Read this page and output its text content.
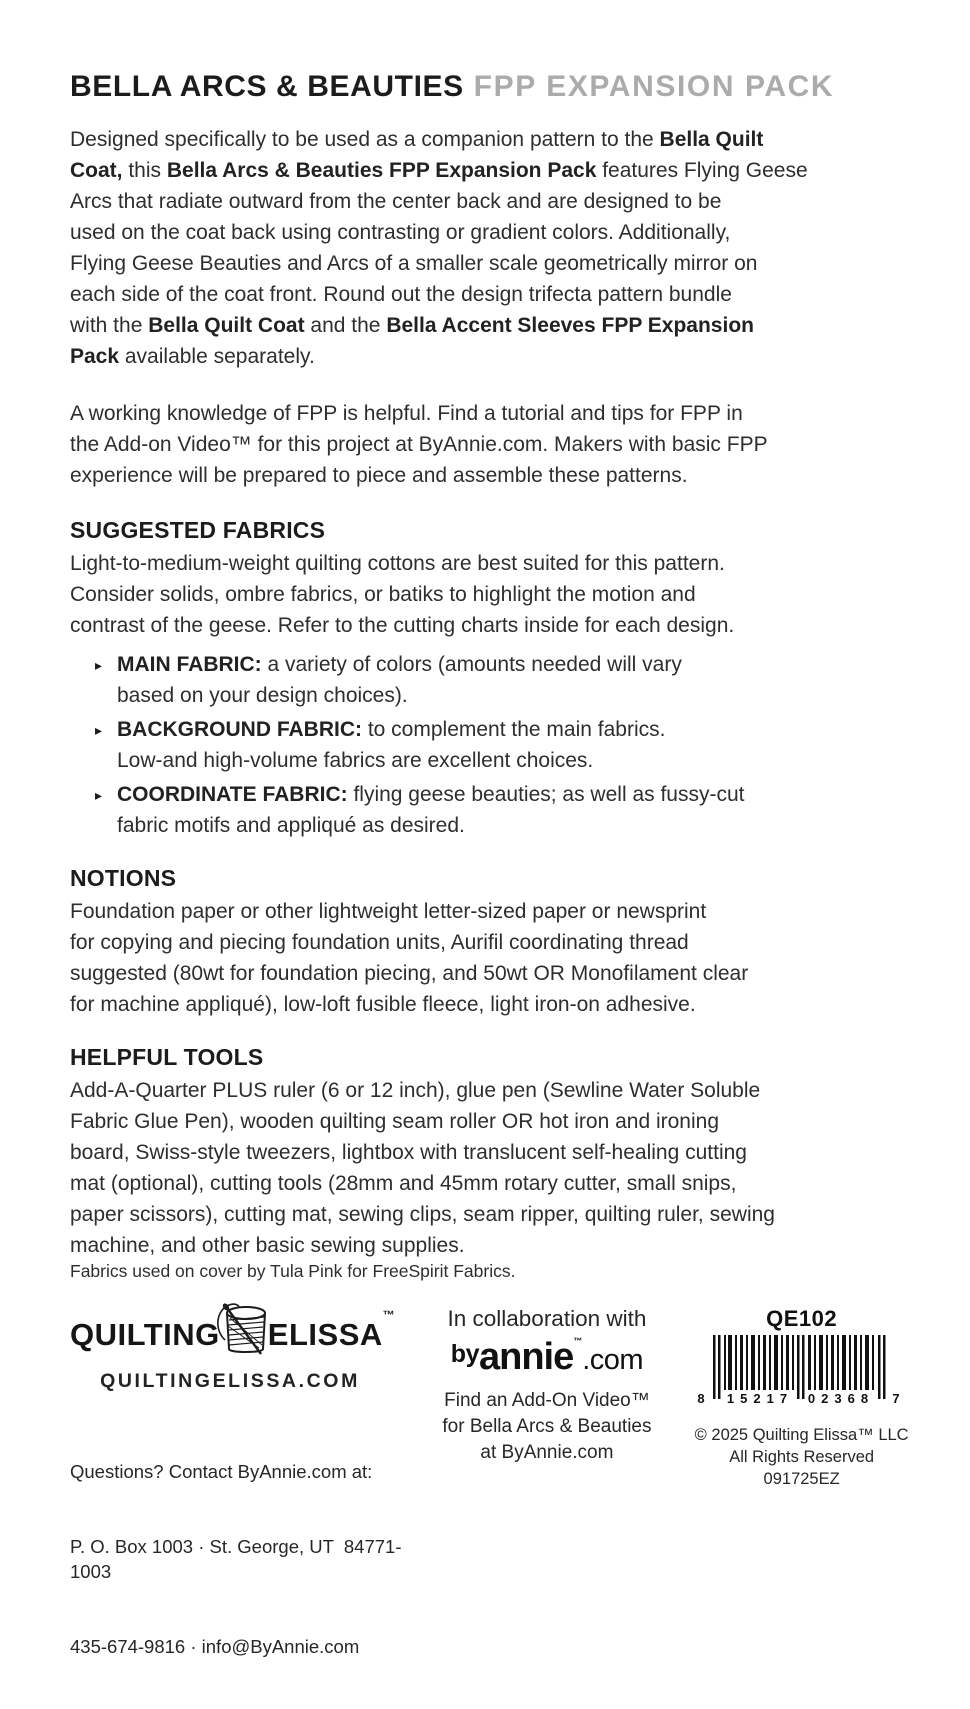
BELLA ARCS & BEAUTIES FPP EXPANSION PACK

Designed specifically to be used as a companion pattern to the Bella Quilt
Coat, this Bella Arcs & Beauties FPP Expansion Pack features Flying Geese
Arcs that radiate outward from the center back and are designed to be
used on the coat back using contrasting or gradient colors. Additionally,
Flying Geese Beauties and Arcs of a smaller scale geometrically mirror on
each side of the coat front. Round out the design trifecta pattern bundle
with the Bella Quilt Coat and the Bella Accent Sleeves FPP Expansion
Pack available separately.

A working knowledge of FPP is helpful. Find a tutorial and tips for FPP in
the Add-on Video™ for this project at ByAnnie.com. Makers with basic FPP
experience will be prepared to piece and assemble these patterns.

SUGGESTED FABRICS

Light-to-medium-weight quilting cottons are best suited for this pattern.
Consider solids, ombre fabrics, or batiks to highlight the motion and
contrast of the geese. Refer to the cutting charts inside for each design.

▸ MAIN FABRIC: a variety of colors (amounts needed will vary
based on your design choices).
▸ BACKGROUND FABRIC: to complement the main fabrics.
Low-and high-volume fabrics are excellent choices.
▸ COORDINATE FABRIC: flying geese beauties; as well as fussy-cut
fabric motifs and appliqué as desired.
NOTIONS

Foundation paper or other lightweight letter-sized paper or newsprint
for copying and piecing foundation units, Aurifil coordinating thread
suggested (80wt for foundation piecing, and 50wt OR Monofilament clear
for machine appliqué), low-loft fusible fleece, light iron-on adhesive.

HELPFUL TOOLS

Add-A-Quarter PLUS ruler (6 or 12 inch), glue pen (Sewline Water Soluble
Fabric Glue Pen), wooden quilting seam roller OR hot iron and ironing
board, Swiss-style tweezers, lightbox with translucent self-healing cutting
mat (optional), cutting tools (28mm and 45mm rotary cutter, small snips,
paper scissors), cutting mat, sewing clips, seam ripper, quilting ruler, sewing
machine, and other basic sewing supplies.

Fabrics used on cover by Tula Pink for FreeSpirit Fabrics.

QUILTING ELISSA™
QUILTINGELISSA.COM

Questions? Contact ByAnnie.com at:

P. O. Box 1003 · St. George, UT  84771-1003

435-674-9816 · info@ByAnnie.com

In collaboration with
byannie™.com
Find an Add-On Video™
for Bella Arcs & Beauties
at ByAnnie.com
QE102
8 15217 02368 7
© 2025 Quilting Elissa™ LLC
All Rights Reserved
091725EZ
